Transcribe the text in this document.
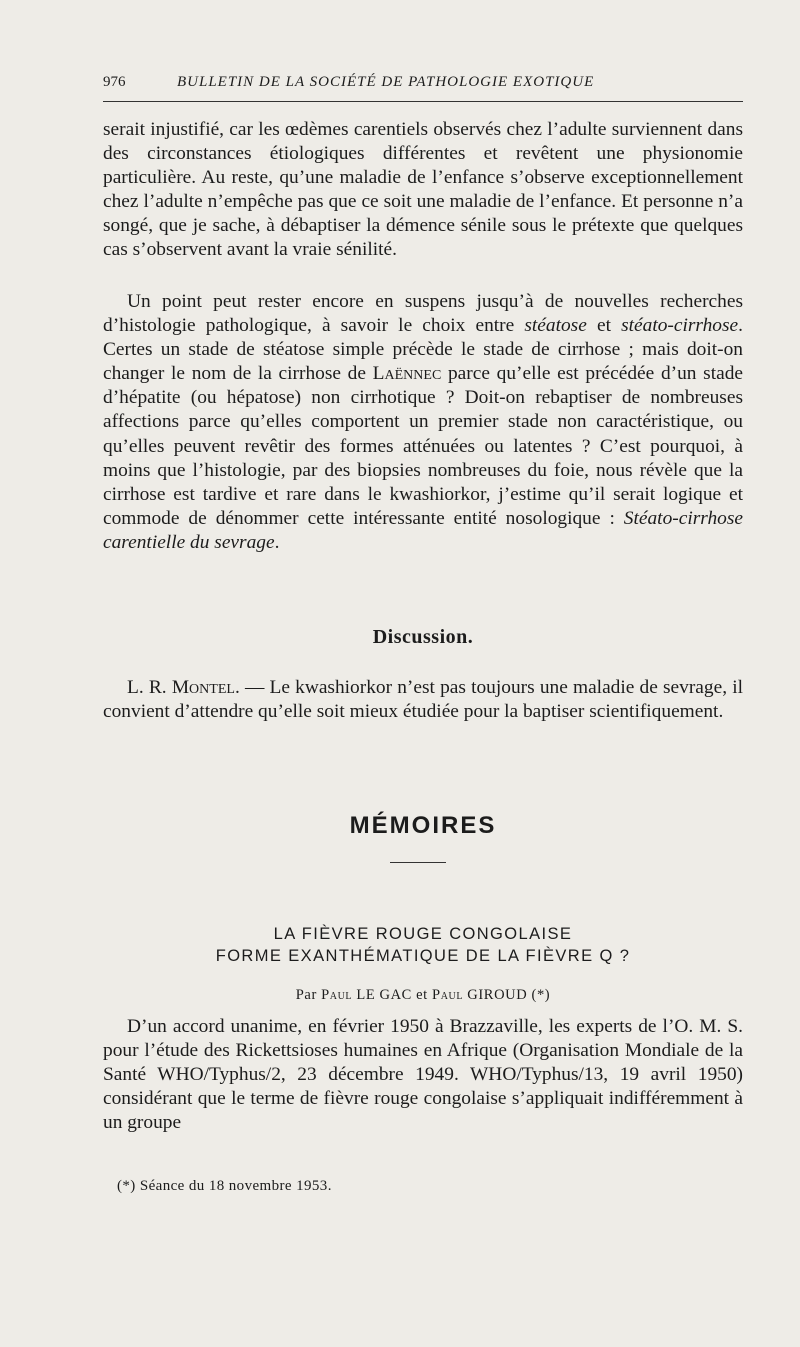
976	BULLETIN DE LA SOCIÉTÉ DE PATHOLOGIE EXOTIQUE
serait injustifié, car les œdèmes carentiels observés chez l’adulte surviennent dans des circonstances étiologiques différentes et revêtent une physionomie particulière. Au reste, qu’une maladie de l’enfance s’observe exceptionnellement chez l’adulte n’empêche pas que ce soit une maladie de l’enfance. Et personne n’a songé, que je sache, à débaptiser la démence sénile sous le prétexte que quelques cas s’observent avant la vraie sénilité.
Un point peut rester encore en suspens jusqu’à de nouvelles recherches d’histologie pathologique, à savoir le choix entre stéatose et stéato-cirrhose. Certes un stade de stéatose simple précède le stade de cirrhose ; mais doit-on changer le nom de la cirrhose de Laënnec parce qu’elle est précédée d’un stade d’hépatite (ou hépatose) non cirrhotique ? Doit-on rebaptiser de nombreuses affections parce qu’elles comportent un premier stade non caractéristique, ou qu’elles peuvent revêtir des formes atténuées ou latentes ? C’est pourquoi, à moins que l’histologie, par des biopsies nombreuses du foie, nous révèle que la cirrhose est tardive et rare dans le kwashiorkor, j’estime qu’il serait logique et commode de dénommer cette intéressante entité nosologique : Stéato-cirrhose carentielle du sevrage.
Discussion.
L. R. Montel. — Le kwashiorkor n’est pas toujours une maladie de sevrage, il convient d’attendre qu’elle soit mieux étudiée pour la baptiser scientifiquement.
MÉMOIRES
LA FIÈVRE ROUGE CONGOLAISE
FORME EXANTHÉMATIQUE DE LA FIÈVRE Q ?
Par Paul LE GAC et Paul GIROUD (*)
D’un accord unanime, en février 1950 à Brazzaville, les experts de l’O. M. S. pour l’étude des Rickettsioses humaines en Afrique (Organisation Mondiale de la Santé WHO/Typhus/2, 23 décembre 1949. WHO/Typhus/13, 19 avril 1950) considérant que le terme de fièvre rouge congolaise s’appliquait indifféremment à un groupe
(*) Séance du 18 novembre 1953.
